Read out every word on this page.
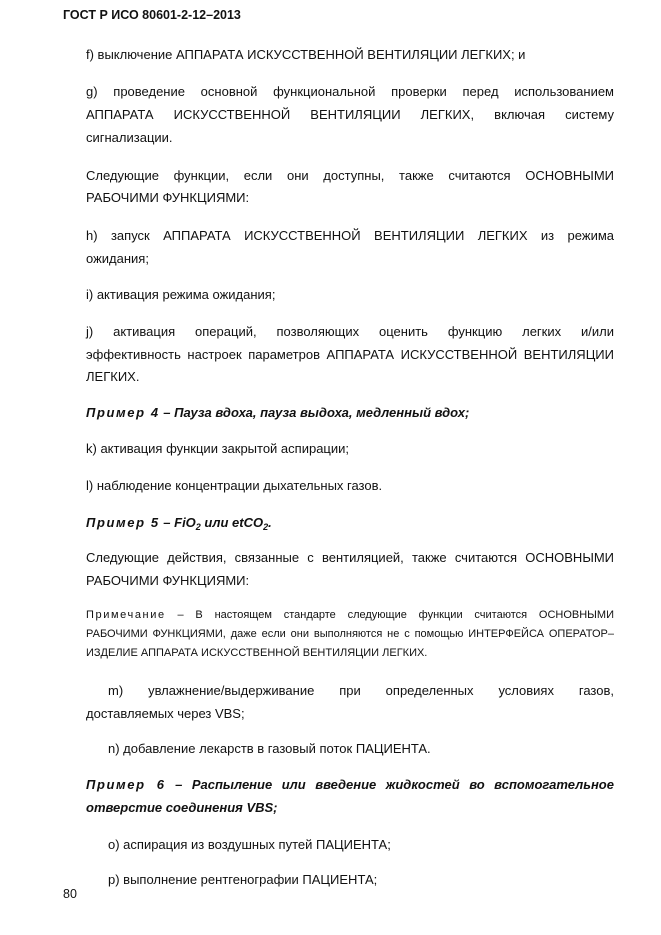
ГОСТ Р ИСО 80601-2-12–2013
f) выключение АППАРАТА ИСКУССТВЕННОЙ ВЕНТИЛЯЦИИ ЛЕГКИХ; и
g) проведение основной функциональной проверки перед использованием
АППАРАТА ИСКУССТВЕННОЙ ВЕНТИЛЯЦИИ ЛЕГКИХ, включая систему
сигнализации.
Следующие функции, если они доступны, также считаются ОСНОВНЫМИ
РАБОЧИМИ ФУНКЦИЯМИ:
h) запуск АППАРАТА ИСКУССТВЕННОЙ ВЕНТИЛЯЦИИ ЛЕГКИХ из режима
ожидания;
i) активация режима ожидания;
j) активация операций, позволяющих оценить функцию легких и/или
эффективность настроек параметров АППАРАТА ИСКУССТВЕННОЙ ВЕНТИЛЯЦИИ
ЛЕГКИХ.
Пример 4 – Пауза вдоха, пауза выдоха, медленный вдох;
k) активация функции закрытой аспирации;
l) наблюдение концентрации дыхательных газов.
Пример 5 – FiO$_2$ или etCO$_2$.
Следующие действия, связанные с вентиляцией, также считаются ОСНОВНЫМИ
РАБОЧИМИ ФУНКЦИЯМИ:
Примечание – В настоящем стандарте следующие функции считаются ОСНОВНЫМИ
РАБОЧИМИ ФУНКЦИЯМИ, даже если они выполняются не с помощью ИНТЕРФЕЙСА ОПЕРАТОР–
ИЗДЕЛИЕ АППАРАТА ИСКУССТВЕННОЙ ВЕНТИЛЯЦИИ ЛЕГКИХ.
m) увлажнение/выдерживание при определенных условиях газов,
доставляемых через VBS;
n) добавление лекарств в газовый поток ПАЦИЕНТА.
Пример 6 – Распыление или введение жидкостей во вспомогательное
отверстие соединения VBS;
o) аспирация из воздушных путей ПАЦИЕНТА;
p) выполнение рентгенографии ПАЦИЕНТА;
80
